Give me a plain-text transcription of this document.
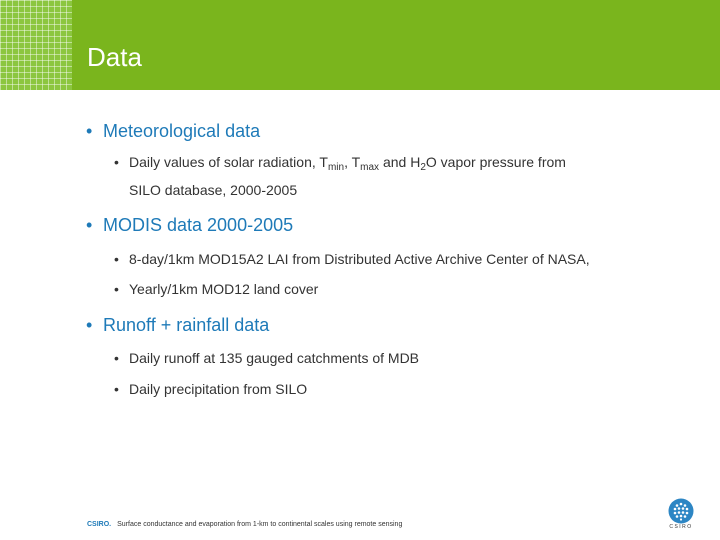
Data
• Meteorological data
• Daily values of solar radiation, $T_{min}$, $T_{max}$ and $H_2O$ vapor pressure from
SILO database, 2000-2005
• MODIS data 2000-2005
• 8-day/1km MOD15A2 LAI from Distributed Active Archive Center of NASA,
• Yearly/1km MOD12 land cover
• Runoff + rainfall data
• Daily runoff at 135 gauged catchments of MDB
• Daily precipitation from SILO
CSIRO. Surface conductance and evaporation from 1-km to continental scales using remote sensing	CSIRO
